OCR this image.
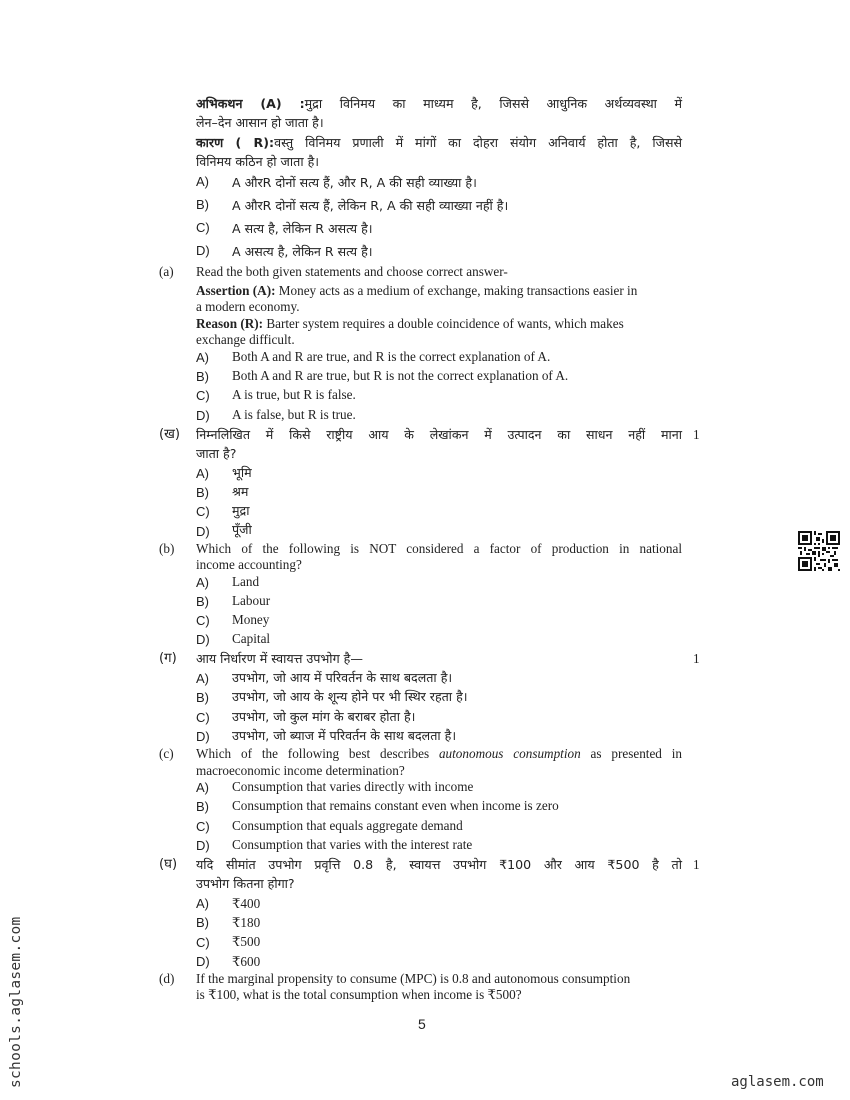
अभिकथन (A) :मुद्रा विनिमय का माध्यम है, जिससे आधुनिक अर्थव्यवस्था में
लेन–देन आसान हो जाता है।
कारण ( R):वस्तु विनिमय प्रणाली में मांगों का दोहरा संयोग अनिवार्य होता है, जिससे
विनिमय कठिन हो जाता है।
A) A औरR दोनों सत्य हैं, और R, A की सही व्याख्या है।
B) A औरR दोनों सत्य हैं, लेकिन R, A की सही व्याख्या नहीं है।
C) A सत्य है, लेकिन R असत्य है।
D) A असत्य है, लेकिन R सत्य है।
(a) Read the both given statements and choose correct answer-
Assertion (A): Money acts as a medium of exchange, making transactions easier in
a modern economy.
Reason (R): Barter system requires a double coincidence of wants, which makes
exchange difficult.
A) Both A and R are true, and R is the correct explanation of A.
B) Both A and R are true, but R is not the correct explanation of A.
C) A is true, but R is false.
D) A is false, but R is true.
(ख) निम्नलिखित में किसे राष्ट्रीय आय के लेखांकन में उत्पादन का साधन नहीं माना
जाता है?
1
A) भूमि
B) श्रम
C) मुद्रा
D) पूँजी
(b) Which of the following is NOT considered a factor of production in national
income accounting?
A) Land
B) Labour
C) Money
D) Capital
(ग) आय निर्धारण में स्वायत्त उपभोग है—	1
A) उपभोग, जो आय में परिवर्तन के साथ बदलता है।
B) उपभोग, जो आय के शून्य होने पर भी स्थिर रहता है।
C) उपभोग, जो कुल मांग के बराबर होता है।
D) उपभोग, जो ब्याज में परिवर्तन के साथ बदलता है।
(c) Which of the following best describes autonomous consumption as presented in
macroeconomic income determination?
A) Consumption that varies directly with income
B) Consumption that remains constant even when income is zero
C) Consumption that equals aggregate demand
D) Consumption that varies with the interest rate
(घ) यदि सीमांत उपभोग प्रवृत्ति 0.8 है, स्वायत्त उपभोग ₹100 और आय ₹500 है तो
उपभोग कितना होगा?
1
A) ₹400
B) ₹180
C) ₹500
D) ₹600
(d) If the marginal propensity to consume (MPC) is 0.8 and autonomous consumption
is ₹100, what is the total consumption when income is ₹500?
5
schools.aglasem.com	aglasem.com
